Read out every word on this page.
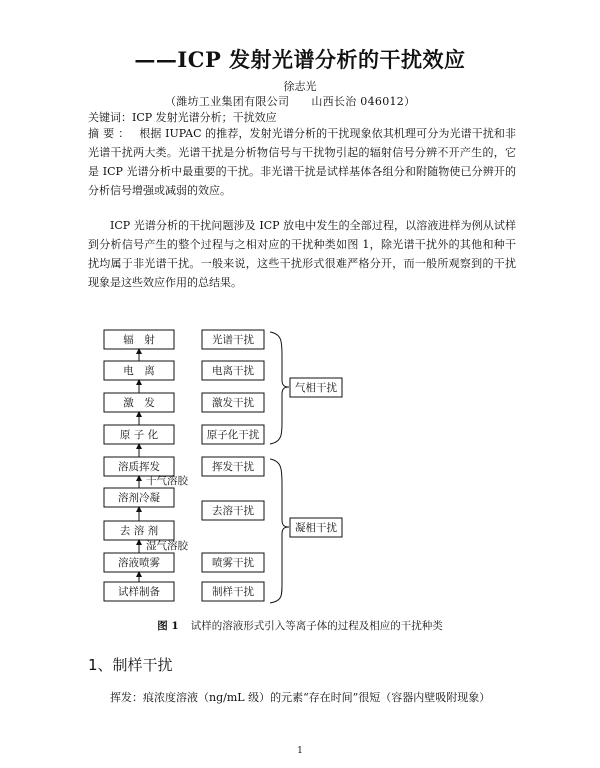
——ICP 发射光谱分析的干扰效应
徐志光
（潍坊工业集团有限公司 山西长治 046012）
关键词：ICP 发射光谱分析；干扰效应

摘要： 根据 IUPAC 的推荐，发射光谱分析的干扰现象依其机理可分为光谱干扰和非光谱干扰两大类。光谱干扰是分析物信号与干扰物引起的辐射信号分辨不开产生的，它是 ICP 光谱分析中最重要的干扰。非光谱干扰是试样基体各组分和附随物使已分辨开的分析信号增强或减弱的效应。

ICP 光谱分析的干扰问题涉及 ICP 放电中发生的全部过程，以溶液进样为例从试样到分析信号产生的整个过程与之相对应的干扰种类如图 1，除光谱干扰外的其他和种干扰均属于非光谱干扰。一般来说，这些干扰形式很难严格分开，而一般所观察到的干扰现象是这些效应作用的总结果。

辐　射
电　离
激　发
原 子 化
溶质挥发
溶剂冷凝
去 溶 剂
溶液喷雾
试样制备
光谱干扰
电离干扰
激发干扰
原子化干扰
挥发干扰
去溶干扰
喷雾干扰
制样干扰
干气溶胶
湿气溶胶
气相干扰
凝相干扰
图 1 试样的溶液形式引入等离子体的过程及相应的干扰种类
1、制样干扰

挥发：痕浓度溶液（ng/mL 级）的元素“存在时间”很短（容器内壁吸附现象）

1
